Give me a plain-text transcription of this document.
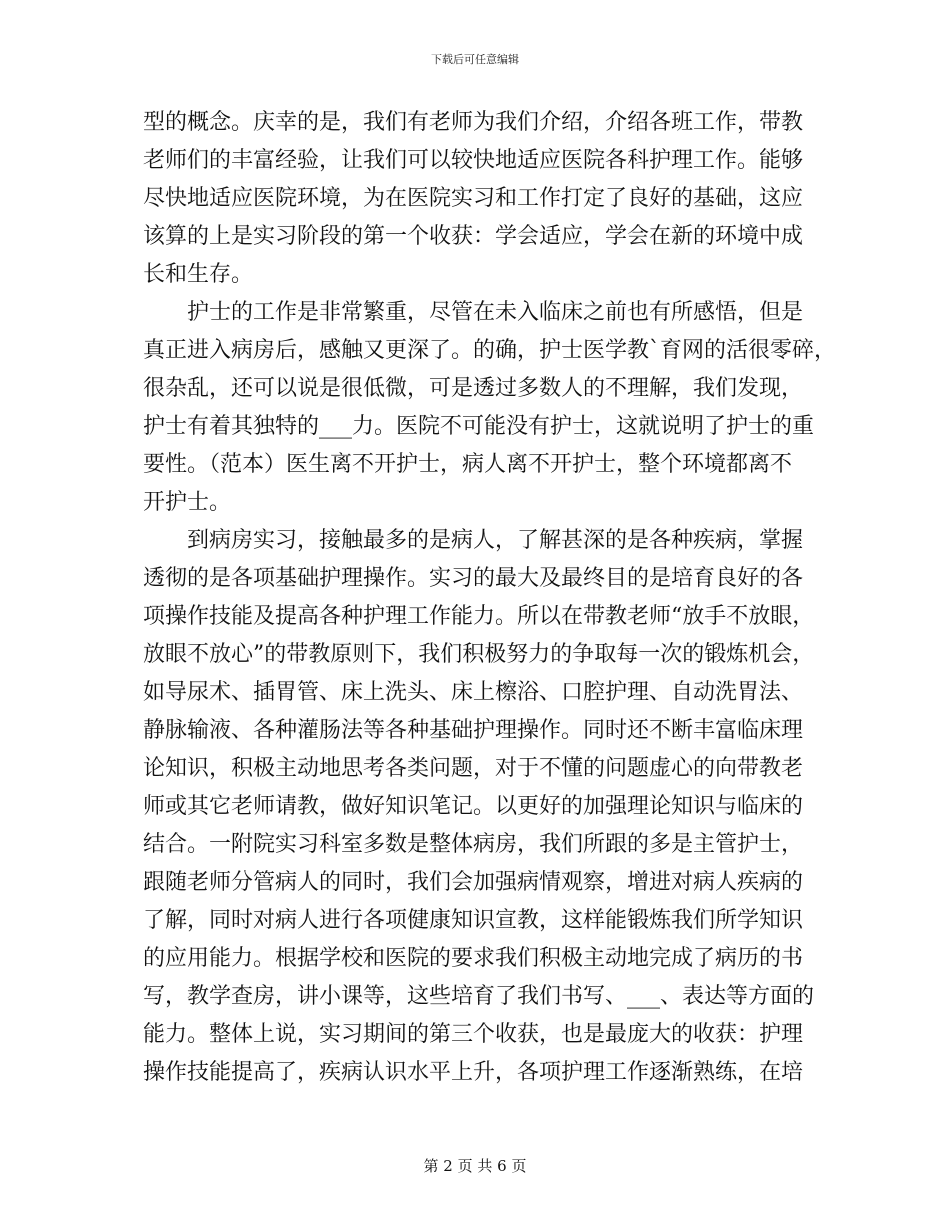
下载后可任意编辑
型的概念。庆幸的是，我们有老师为我们介绍，介绍各班工作，带教
老师们的丰富经验，让我们可以较快地适应医院各科护理工作。能够
尽快地适应医院环境，为在医院实习和工作打定了良好的基础，这应
该算的上是实习阶段的第一个收获：学会适应，学会在新的环境中成
长和生存。
护士的工作是非常繁重，尽管在未入临床之前也有所感悟，但是
真正进入病房后，感触又更深了。的确，护士医学教`育网的活很零碎，
很杂乱，还可以说是很低微，可是透过多数人的不理解，我们发现，
护士有着其独特的___力。医院不可能没有护士，这就说明了护士的重
要性。（范本）医生离不开护士，病人离不开护士，整个环境都离不
开护士。
到病房实习，接触最多的是病人，了解甚深的是各种疾病，掌握
透彻的是各项基础护理操作。实习的最大及最终目的是培育良好的各
项操作技能及提高各种护理工作能力。所以在带教老师“放手不放眼，
放眼不放心”的带教原则下，我们积极努力的争取每一次的锻炼机会，
如导尿术、插胃管、床上洗头、床上檫浴、口腔护理、自动洗胃法、
静脉输液、各种灌肠法等各种基础护理操作。同时还不断丰富临床理
论知识，积极主动地思考各类问题，对于不懂的问题虚心的向带教老
师或其它老师请教，做好知识笔记。以更好的加强理论知识与临床的
结合。一附院实习科室多数是整体病房，我们所跟的多是主管护士，
跟随老师分管病人的同时，我们会加强病情观察，增进对病人疾病的
了解，同时对病人进行各项健康知识宣教，这样能锻炼我们所学知识
的应用能力。根据学校和医院的要求我们积极主动地完成了病历的书
写，教学查房，讲小课等，这些培育了我们书写、___、表达等方面的
能力。整体上说，实习期间的第三个收获，也是最庞大的收获：护理
操作技能提高了，疾病认识水平上升，各项护理工作逐渐熟练，在培
第 2 页 共 6 页
